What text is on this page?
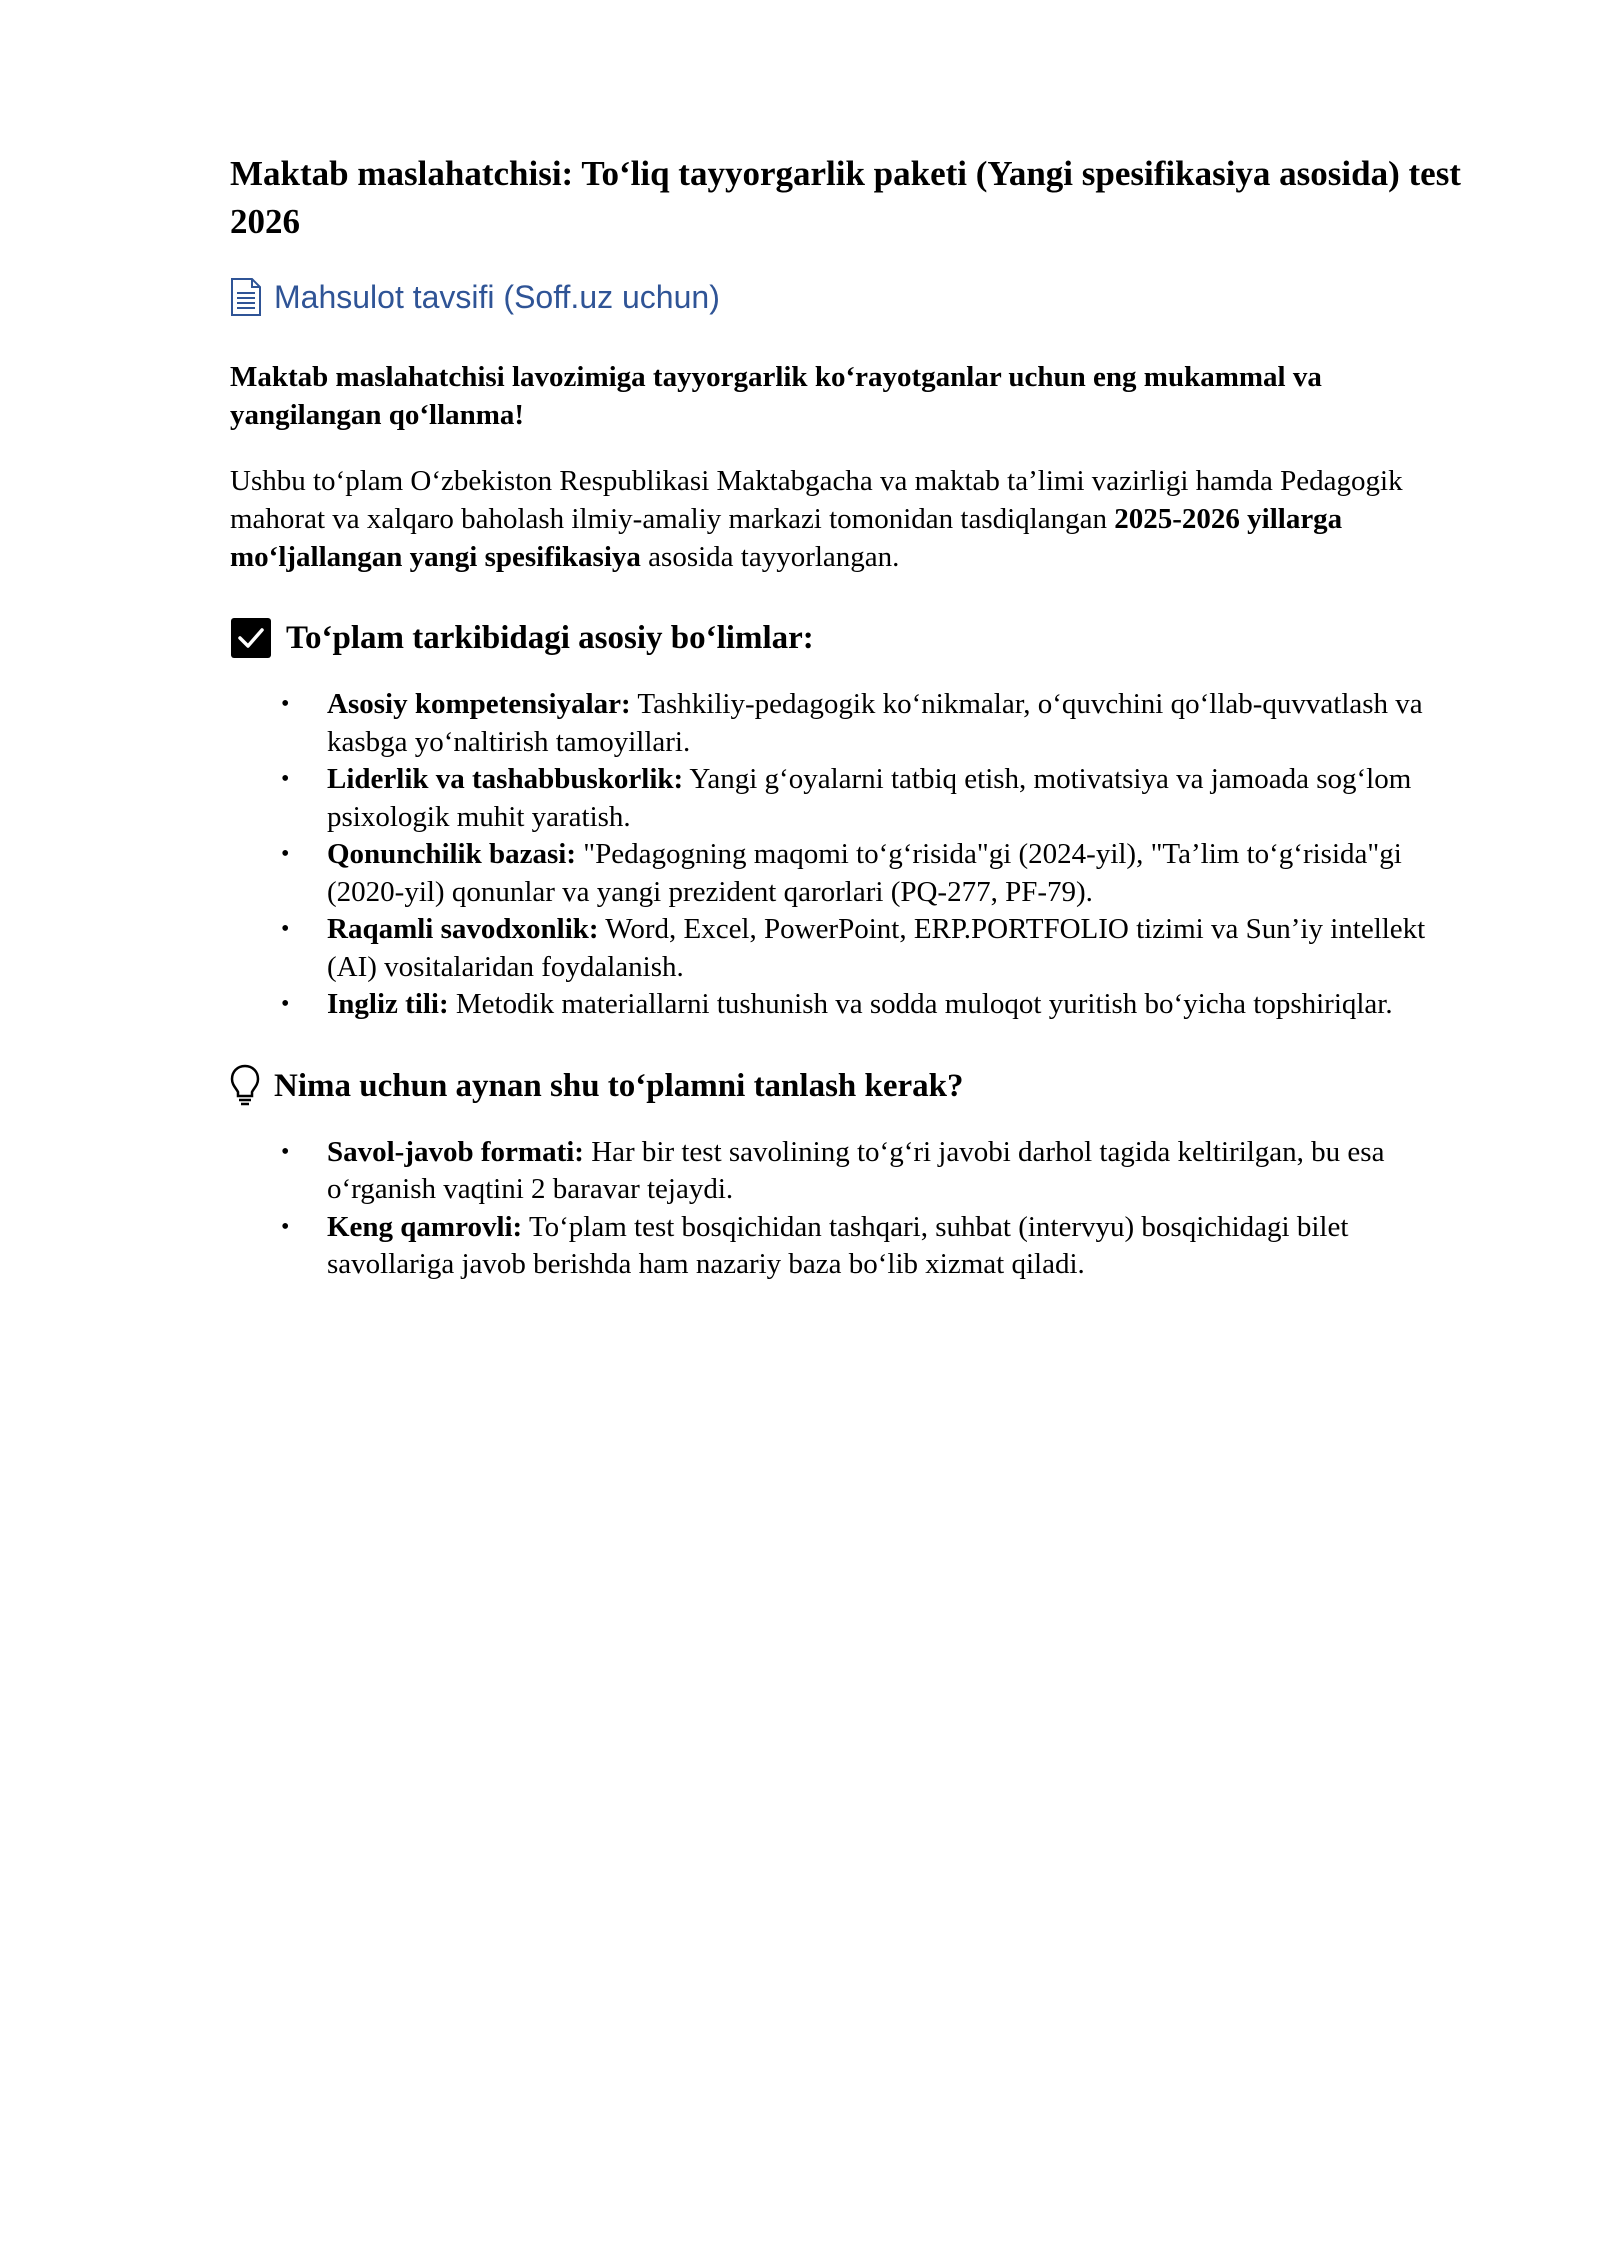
Maktab maslahatchisi: To‘liq tayyorgarlik paketi (Yangi spesifikasiya asosida) test 2026
Mahsulot tavsifi (Soff.uz uchun)

Maktab maslahatchisi lavozimiga tayyorgarlik ko‘rayotganlar uchun eng mukammal va yangilangan qo‘llanma!

Ushbu to‘plam O‘zbekiston Respublikasi Maktabgacha va maktab ta’limi vazirligi hamda Pedagogik mahorat va xalqaro baholash ilmiy-amaliy markazi tomonidan tasdiqlangan 2025-2026 yillarga mo‘ljallangan yangi spesifikasiya asosida tayyorlangan.

To‘plam tarkibidagi asosiy bo‘limlar:
• Asosiy kompetensiyalar: Tashkiliy-pedagogik ko‘nikmalar, o‘quvchini qo‘llab-quvvatlash va kasbga yo‘naltirish tamoyillari.
• Liderlik va tashabbuskorlik: Yangi g‘oyalarni tatbiq etish, motivatsiya va jamoada sog‘lom psixologik muhit yaratish.
• Qonunchilik bazasi: "Pedagogning maqomi to‘g‘risida"gi (2024-yil), "Ta’lim to‘g‘risida"gi (2020-yil) qonunlar va yangi prezident qarorlari (PQ-277, PF-79).
• Raqamli savodxonlik: Word, Excel, PowerPoint, ERP.PORTFOLIO tizimi va Sun’iy intellekt (AI) vositalaridan foydalanish.
• Ingliz tili: Metodik materiallarni tushunish va sodda muloqot yuritish bo‘yicha topshiriqlar.
Nima uchun aynan shu to‘plamni tanlash kerak?
• Savol-javob formati: Har bir test savolining to‘g‘ri javobi darhol tagida keltirilgan, bu esa o‘rganish vaqtini 2 baravar tejaydi.
• Keng qamrovli: To‘plam test bosqichidan tashqari, suhbat (intervyu) bosqichidagi bilet savollariga javob berishda ham nazariy baza bo‘lib xizmat qiladi.
